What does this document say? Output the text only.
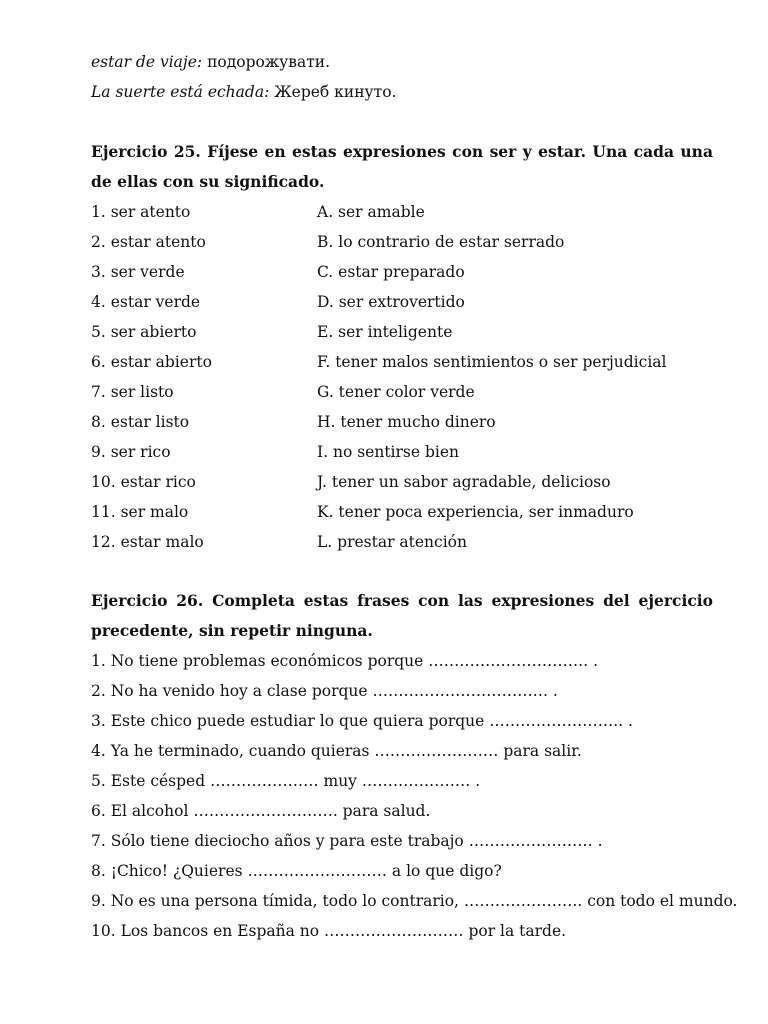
estar de viaje: подорожувати.
La suerte está echada: Жереб кинуто.
Ejercicio 25. Fíjese en estas expresiones con ser y estar. Una cada una de ellas con su significado.
1. ser atento	A. ser amable
2. estar atento	B. lo contrario de estar serrado
3. ser verde	C. estar preparado
4. estar verde	D. ser extrovertido
5. ser abierto	E. ser inteligente
6. estar abierto	F. tener malos sentimientos o ser perjudicial
7. ser listo	G. tener color verde
8. estar listo	H. tener mucho dinero
9. ser rico	I. no sentirse bien
10. estar rico	J. tener un sabor agradable, delicioso
11. ser malo	K. tener poca experiencia, ser inmaduro
12. estar malo	L. prestar atención
Ejercicio 26. Completa estas frases con las expresiones del ejercicio precedente, sin repetir ninguna.
1. No tiene problemas económicos porque …………………………. .
2. No ha venido hoy a clase porque ……………………………. .
3. Este chico puede estudiar lo que quiera porque …………………….. .
4. Ya he terminado, cuando quieras …………………… para salir.
5. Este césped ………………… muy ………………… .
6. El alcohol ………………………. para salud.
7. Sólo tiene dieciocho años y para este trabajo …………………… .
8. ¡Chico! ¿Quieres ……………………… a lo que digo?
9. No es una persona tímida, todo lo contrario, ………………….. con todo el mundo.
10. Los bancos en España no ……………………… por la tarde.
